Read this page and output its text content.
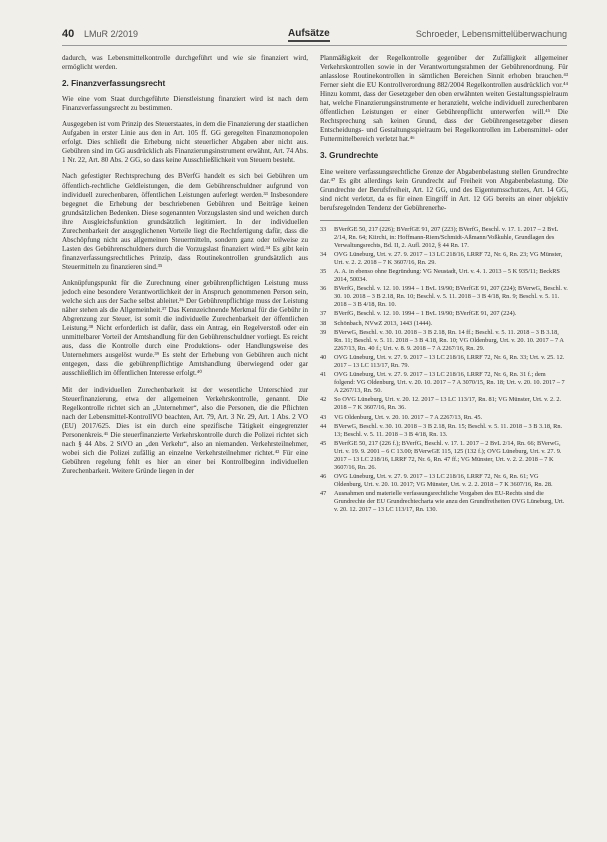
40 LMuR 2/2019	Aufsätze	Schroeder, Lebensmittelüberwachung

dadurch, was Lebensmittelkontrolle durchgeführt und wie sie finanziert wird, ermöglicht werden.

2. Finanzverfassungsrecht

Wie eine vom Staat durchgeführte Dienstleistung finanziert wird ist nach dem Finanzverfassungsrecht zu bestimmen.

Ausgegeben ist vom Prinzip des Steuerstaates, in dem die Finanzierung der staatlichen Aufgaben in erster Linie aus den in Art. 105 ff. GG geregelten Finanzmonopolen erfolgt. Dies schließt die Erhebung nicht steuerlicher Abgaben aber nicht aus. Gebühren sind im GG ausdrücklich als Finanzierungsinstrument erwähnt, Art. 74 Abs. 1 Nr. 22, Art. 80 Abs. 2 GG, so dass keine Ausschließlichkeit von Steuern besteht.

Nach gefestigter Rechtsprechung des BVerfG handelt es sich bei Gebühren um öffentlich-rechtliche Geldleistungen, die dem Gebührenschuldner aufgrund von individuell zurechenbaren, öffentlichen Leistungen auferlegt werden.³³ Insbesondere begegnet die Erhebung der beschriebenen Gebühren und Beiträge keinen grundsätzlichen Bedenken. Diese sogenannten Vorzugslasten sind und weichen durch ihre Ausgleichsfunktion grundsätzlich legitimiert. In der individuellen Zurechenbarkeit der ausgeglichenen Vorteile liegt die Rechtfertigung dafür, dass die Abschöpfung nicht aus allgemeinen Steuermitteln, sondern ganz oder teilweise zu Lasten des Gebührenschuldners durch die Vorzugslast finanziert wird.³⁴ Es gibt kein finanzverfassungsrechtliches Prinzip, dass Routinekontrollen grundsätzlich aus Steuermitteln zu finanzieren sind.³⁵

Anknüpfungspunkt für die Zurechnung einer gebührenpflichtigen Leistung muss jedoch eine besondere Verantwortlichkeit der in Anspruch genommenen Person sein, welche sich aus der Sache selbst ableitet.³⁶ Der Gebührenpflichtige muss der Leistung näher stehen als die Allgemeinheit.³⁷ Das Kennzeichnende Merkmal für die Gebühr in Abgrenzung zur Steuer, ist somit die individuelle Zurechenbarkeit der öffentlichen Leistung.³⁸ Nicht erforderlich ist dafür, dass ein Antrag, ein Regelverstoß oder ein unmittelbarer Vorteil der Amtshandlung für den Gebührenschuldner vorliegt. Es reicht aus, dass die Kontrolle durch eine Produktions- oder Handlungsweise des Unternehmers ausgelöst wurde.³⁹ Es steht der Erhebung von Gebühren auch nicht entgegen, dass die gebührenpflichtige Amtshandlung überwiegend oder gar ausschließlich im öffentlichen Interesse erfolgt.⁴⁰

Mit der individuellen Zurechenbarkeit ist der wesentliche Unterschied zur Steuerfinanzierung, etwa der allgemeinen Verkehrskontrolle, genannt. Die Regelkontrolle richtet sich an „Unternehmer“, also die Personen, die die Pflichten nach der Lebensmittel-KontrollVO beachten, Art. 79, Art. 3 Nr. 29, Art. 1 Abs. 2 VO (EU) 2017/625. Dies ist ein durch eine spezifische Tätigkeit eingegrenzter Personenkreis.⁴¹ Die steuerfinanzierte Verkehrskontrolle durch die Polizei richtet sich nach § 44 Abs. 2 StVO an „den Verkehr“, also an niemanden. Verkehrsteilnehmer, wobei sich die Polizei zufällig an einzelne Verkehrsteilnehmer richtet.⁴² Für eine Gebühren regelung fehlt es hier an einer bei Kontrollbeginn individuellen Zurechenbarkeit. Weitere Gründe liegen in der

Planmäßigkeit der Regelkontrolle gegenüber der Zufälligkeit allgemeiner Verkehrskontrollen sowie in der Verantwortungsrahmen der Gebührenordnung. Für anlasslose Routinekontrollen in sämtlichen Bereichen Sinnit erhoben brauchen.⁴³ Ferner sieht die EU Kontrollverordnung 882/2004 Regelkontrollen ausdrücklich vor.⁴⁴ Hinzu kommt, dass der Gesetzgeber den oben erwähnten weiten Gestaltungsspielraum hat, welche Finanzierungsinstrumente er heranzieht, welche individuell zurechenbaren öffentlichen Leistungen er einer Gebührenpflicht unterwerfen will.⁴⁵ Die Rechtsprechung sah keinen Grund, dass der Gebührengesetzgeber diesen Entscheidungs- und Gestaltungsspielraum bei Regelkontrollen im Lebensmittel- oder Futtermittelbereich verletzt hat.⁴⁶

3. Grundrechte

Eine weitere verfassungsrechtliche Grenze der Abgabenbelastung stellen Grundrechte dar.⁴⁷ Es gibt allerdings kein Grundrecht auf Freiheit von Abgabenbelastung. Die Grundrechte der Berufsfreiheit, Art. 12 GG, und des Eigentumsschutzes, Art. 14 GG, sind nicht verletzt, da es für einen Eingriff in Art. 12 GG bereits an einer objektiv berufsregelnden Tendenz der Gebührenerhe-

33	BVerfGE 50, 217 (226); BVerfGE 91, 207 (223); BVerfG, Beschl. v. 17. 1. 2017 – 2 BvL 2/14, Rn. 64; Kiirchi, in: Hoffmann-Riem/Schmidt-Aßmann/Voßkuhle, Grundlagen des Verwaltungsrechts, Bd. II, 2. Aufl. 2012, § 44 Rn. 17.
34	OVG Lüneburg, Urt. v. 27. 9. 2017 – 13 LC 218/16, LRRF 72, Nr. 6, Rn. 23; VG Münster, Urt. v. 2. 2. 2018 – 7 K 3607/16, Rn. 29.
35	A. A. in ebenso ohne Begründung: VG Neustadt, Urt. v. 4. 1. 2013 – 5 K 935/11; BeckRS 2014, 50034.
36	BVerfG, Beschl. v. 12. 10. 1994 – 1 BvL 19/90; BVerfGE 91, 207 (224); BVerwG, Beschl. v. 30. 10. 2018 – 3 B 2.18, Rn. 10; Beschl. v. 5. 11. 2018 – 3 B 4/18, Rn. 9; Beschl. v. 5. 11. 2018 – 3 B 4/18, Rn. 10.
37	BVerfG, Beschl. v. 12. 10. 1994 – 1 BvL 19/90; BVerfGE 91, 207 (224).
38	Schönbach, NVwZ 2013, 1443 (1444).
39	BVerwG, Beschl. v. 30. 10. 2018 – 3 B 2.18, Rn. 14 ff.; Beschl. v. 5. 11. 2018 – 3 B 3.18, Rn. 11; Beschl. v. 5. 11. 2018 – 3 B 4.18, Rn. 10; VG Oldenburg, Urt. v. 20. 10. 2017 – 7 A 2267/13, Rn. 40 f.; Urt. v. 8. 9. 2018 – 7 A 2267/16, Rn. 29.
40	OVG Lüneburg, Urt. v. 27. 9. 2017 – 13 LC 218/16, LRRF 72, Nr. 6, Rn. 33; Urt. v. 25. 12. 2017 – 13 LC 113/17, Rn. 79.
41	OVG Lüneburg, Urt. v. 27. 9. 2017 – 13 LC 218/16, LRRF 72, Nr. 6, Rn. 31 f.; dem folgend: VG Oldenburg, Urt. v. 20. 10. 2017 – 7 A 3070/15, Rn. 18; Urt. v. 20. 10. 2017 – 7 A 2267/13, Rn. 50.
42	So OVG Lüneburg, Urt. v. 20. 12. 2017 – 13 LC 113/17, Rn. 81; VG Münster, Urt. v. 2. 2. 2018 – 7 K 3607/16, Rn. 36.
43	VG Oldenburg, Urt. v. 20. 10. 2017 – 7 A 2267/13, Rn. 45.
44	BVerwG, Beschl. v. 30. 10. 2018 – 3 B 2.18, Rn. 15; Beschl. v. 5. 11. 2018 – 3 B 3.18, Rn. 13; Beschl. v. 5. 11. 2018 – 3 B 4/18, Rn. 13.
45	BVerfGE 50, 217 (226 f.); BVerfG, Beschl. v. 17. 1. 2017 – 2 BvL 2/14, Rn. 66; BVerwG, Urt. v. 19. 9. 2001 – 6 C 13.00; BVerwGE 115, 125 (132 f.); OVG Lüneburg, Urt. v. 27. 9. 2017 – 13 LC 218/16, LRRF 72, Nr. 6, Rn. 47 ff.; VG Münster, Urt. v. 2. 2. 2018 – 7 K 3607/16, Rn. 26.
46	OVG Lüneburg, Urt. v. 27. 9. 2017 – 13 LC 218/16, LRRF 72, Nr. 6, Rn. 61; VG Oldenburg, Urt. v. 20. 10. 2017; VG Münster, Urt. v. 2. 2. 2018 – 7 K 3607/16, Rn. 28.
47	Ausnahmen und materielle verfassungsrechtliche Vorgaben des EU-Rechts sind die Grundrechte der EU Grundrechtecharta wie anzu den Grundfreiheiten OVG Lüneburg, Urt. v. 20. 12. 2017 – 13 LC 113/17, Rn. 130.
